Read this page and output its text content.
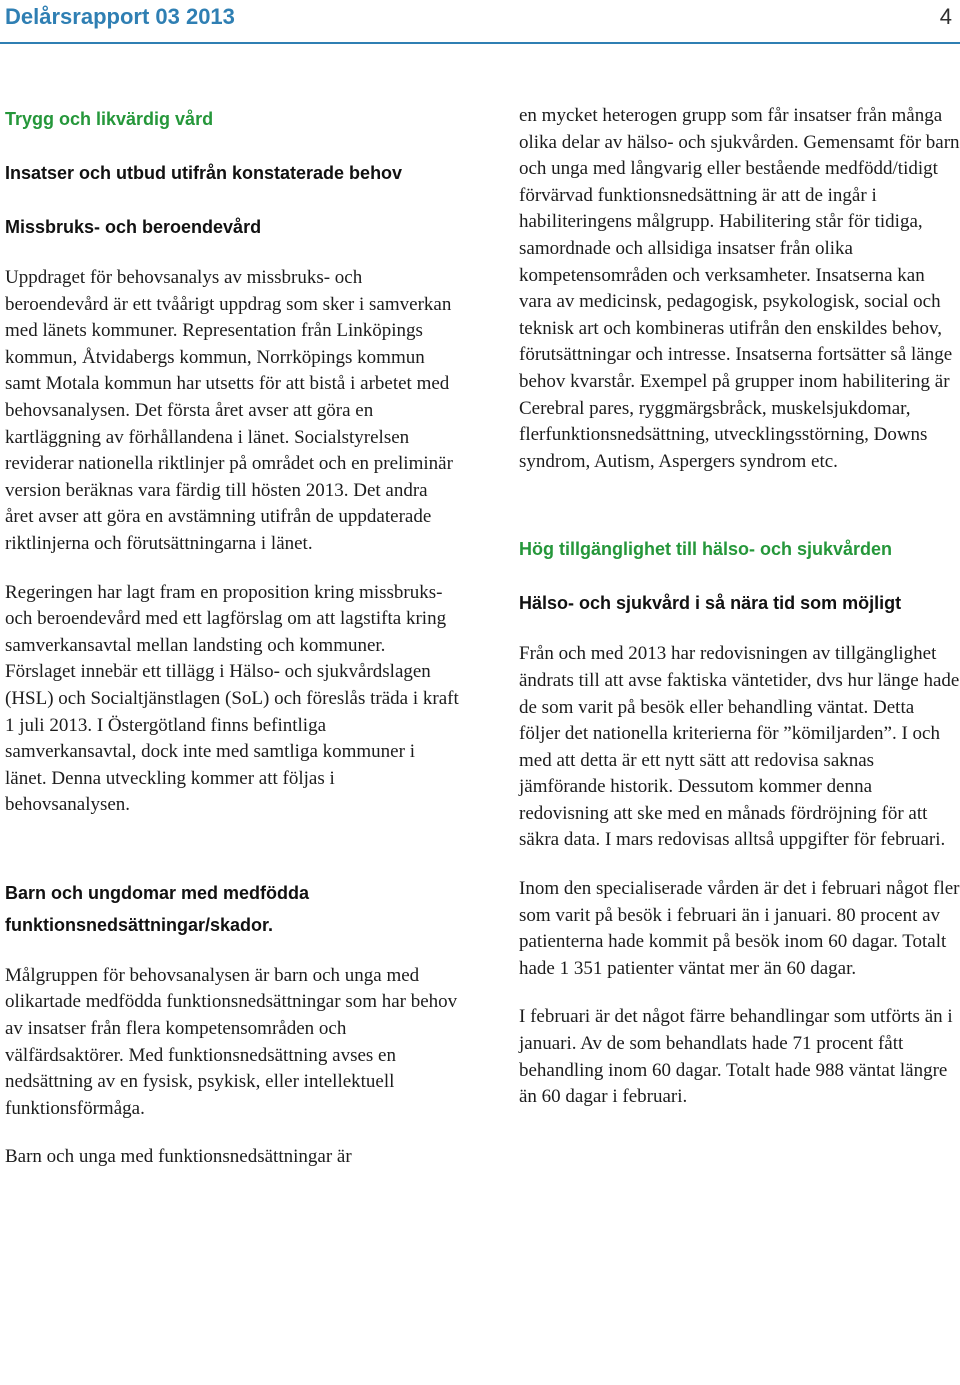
Delårsrapport 03 2013	4
Trygg och likvärdig vård
Insatser och utbud utifrån konstaterade behov
Missbruks- och beroendevård

Uppdraget för behovsanalys av missbruks- och beroendevård är ett tvåårigt uppdrag som sker i samverkan med länets kommuner. Representation från Linköpings kommun, Åtvidabergs kommun, Norrköpings kommun samt Motala kommun har utsetts för att bistå i arbetet med behovsanalysen. Det första året avser att göra en kartläggning av förhållandena i länet. Socialstyrelsen reviderar nationella riktlinjer på området och en preliminär version beräknas vara färdig till hösten 2013. Det andra året avser att göra en avstämning utifrån de uppdaterade riktlinjerna och förutsättningarna i länet.

Regeringen har lagt fram en proposition kring missbruks- och beroendevård med ett lagförslag om att lagstifta kring samverkansavtal mellan landsting och kommuner. Förslaget innebär ett tillägg i Hälso- och sjukvårdslagen (HSL) och Socialtjänstlagen (SoL) och föreslås träda i kraft 1 juli 2013. I Östergötland finns befintliga samverkansavtal, dock inte med samtliga kommuner i länet. Denna utveckling kommer att följas i behovsanalysen.

Barn och ungdomar med medfödda funktionsnedsättningar/skador.

Målgruppen för behovsanalysen är barn och unga med olikartade medfödda funktionsnedsättningar som har behov av insatser från flera kompetensområden och välfärdsaktörer. Med funktionsnedsättning avses en nedsättning av en fysisk, psykisk, eller intellektuell funktionsförmåga.

Barn och unga med funktionsnedsättningar är

en mycket heterogen grupp som får insatser från många olika delar av hälso- och sjukvården. Gemensamt för barn och unga med långvarig eller bestående medfödd/tidigt förvärvad funktionsnedsättning är att de ingår i habiliteringens målgrupp. Habilitering står för tidiga, samordnade och allsidiga insatser från olika kompetensområden och verksamheter. Insatserna kan vara av medicinsk, pedagogisk, psykologisk, social och teknisk art och kombineras utifrån den enskildes behov, förutsättningar och intresse. Insatserna fortsätter så länge behov kvarstår. Exempel på grupper inom habilitering är Cerebral pares, ryggmärgsbråck, muskelsjukdomar, flerfunktionsnedsättning, utvecklingsstörning, Downs syndrom, Autism, Aspergers syndrom etc.

Hög tillgänglighet till hälso- och sjukvården
Hälso- och sjukvård i så nära tid som möjligt

Från och med 2013 har redovisningen av tillgänglighet ändrats till att avse faktiska väntetider, dvs hur länge hade de som varit på besök eller behandling väntat. Detta följer det nationella kriterierna för ”kömiljarden”. I och med att detta är ett nytt sätt att redovisa saknas jämförande historik. Dessutom kommer denna redovisning att ske med en månads fördröjning för att säkra data. I mars redovisas alltså uppgifter för februari.

Inom den specialiserade vården är det i februari något fler som varit på besök i februari än i januari. 80 procent av patienterna hade kommit på besök inom 60 dagar. Totalt hade 1 351 patienter väntat mer än 60 dagar.

I februari är det något färre behandlingar som utförts än i januari. Av de som behandlats hade 71 procent fått behandling inom 60 dagar. Totalt hade 988 väntat längre än 60 dagar i februari.
